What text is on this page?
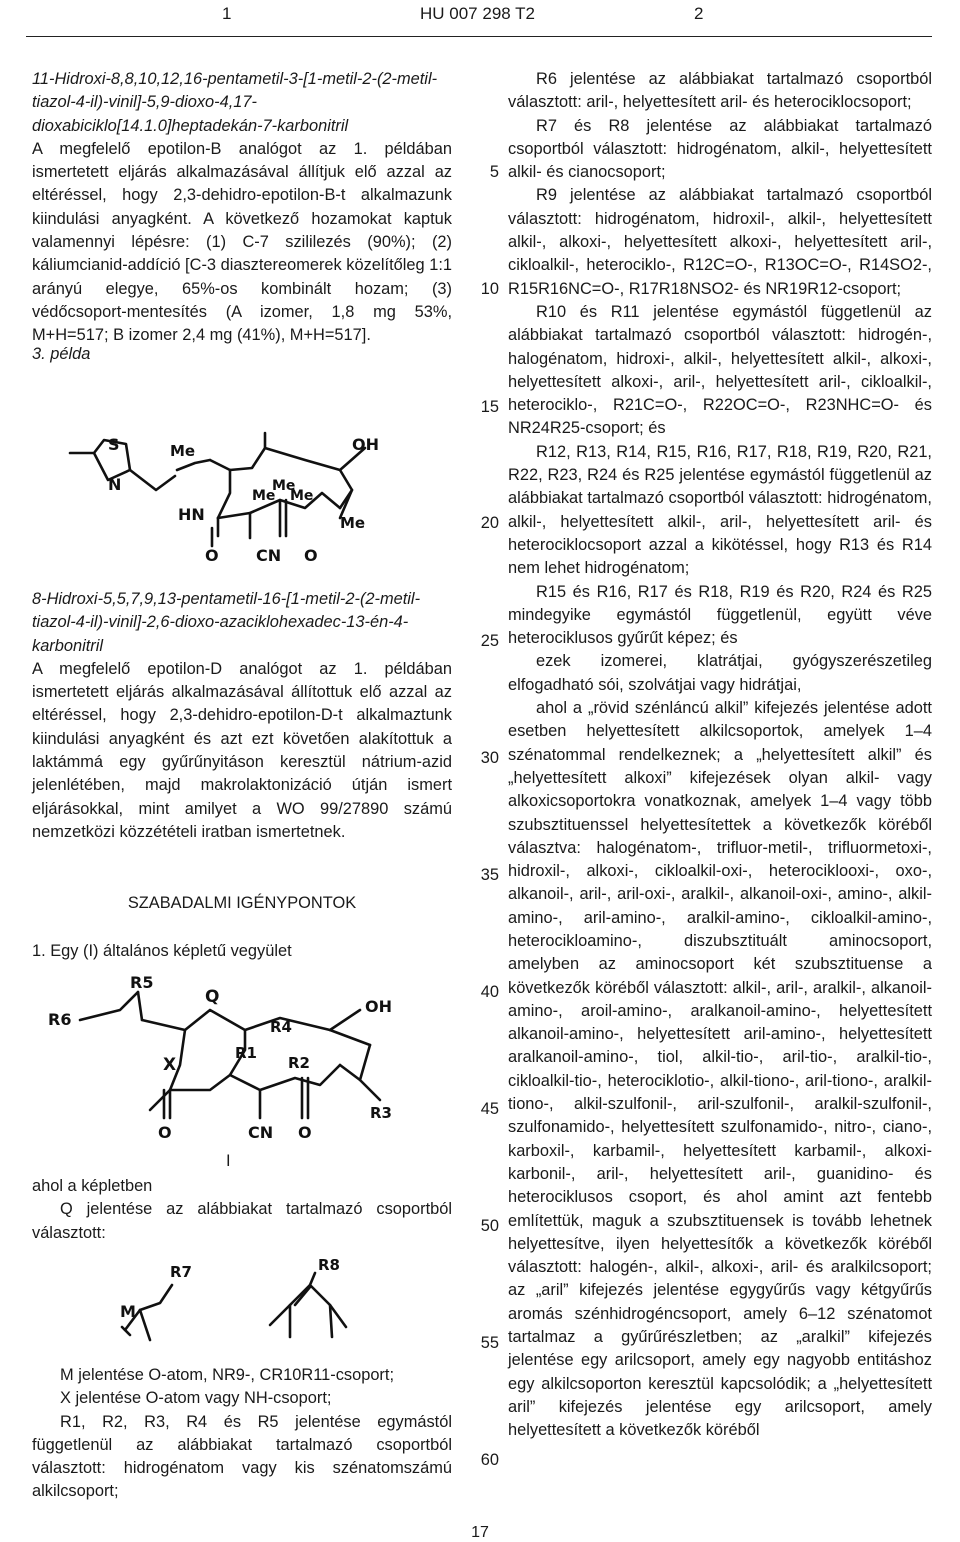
1	HU 007 298 T2	2
5
10
15
20
25
30
35
40
45
50
55
60

11-Hidroxi-8,8,10,12,16-pentametil-3-[1-metil-2-(2-metil-tiazol-4-il)-vinil]-5,9-dioxo-4,17-dioxabiciklo[14.1.0]heptadekán-7-karbonitril

A megfelelő epotilon-B analógot az 1. példában ismertetett eljárás alkalmazásával állítjuk elő azzal az eltéréssel, hogy 2,3-dehidro-epotilon-B-t alkalmazunk kiindulási anyagként. A következő hozamokat kaptuk valamennyi lépésre: (1) C-7 szililezés (90%); (2) káliumcianid-addíció [C-3 diasztereomerek közelítőleg 1:1 arányú elegye, 65%-os kombinált hozam; (3) védőcsoport-mentesítés (A izomer, 1,8 mg 53%, M+H=517; B izomer 2,4 mg (41%), M+H=517].

3. példa
S
N
Me
Me
Me Me
Me
OH
HN
O CN O

8-Hidroxi-5,5,7,9,13-pentametil-16-[1-metil-2-(2-metil-tiazol-4-il)-vinil]-2,6-dioxo-azaciklohexadec-13-én-4-karbonitril

A megfelelő epotilon-D analógot az 1. példában ismertetett eljárás alkalmazásával állítottuk elő azzal az eltéréssel, hogy 2,3-dehidro-epotilon-D-t alkalmaztunk kiindulási anyagként és azt ezt követően alakítottuk a laktámmá egy gyűrűnyitáson keresztül nátrium-azid jelenlétében, majd makrolaktonizáció útján ismert eljárásokkal, mint amilyet a WO 99/27890 számú nemzetközi közzétételi iratban ismertetnek.

SZABADALMI IGÉNYPONTOK
1. Egy (I) általános képletű vegyület
R5
R6
Q
R4
R1
R2
OH
X
R3
O	CN O
I

ahol a képletben

Q jelentése az alábbiakat tartalmazó csoportból választott:

M
R7	R8

M jelentése O-atom, NR9-, CR10R11-csoport;

X jelentése O-atom vagy NH-csoport;

R1, R2, R3, R4 és R5 jelentése egymástól függetlenül az alábbiakat tartalmazó csoportból választott: hidrogénatom vagy kis szénatomszámú alkilcsoport;

R6 jelentése az alábbiakat tartalmazó csoportból választott: aril-, helyettesített aril- és heterociklocsoport;

R7 és R8 jelentése az alábbiakat tartalmazó csoportból választott: hidrogénatom, alkil-, helyettesített alkil- és cianocsoport;

R9 jelentése az alábbiakat tartalmazó csoportból választott: hidrogénatom, hidroxil-, alkil-, helyettesített alkil-, alkoxi-, helyettesített alkoxi-, helyettesített aril-, cikloalkil-, heterociklo-, R12C=O-, R13OC=O-, R14SO2-, R15R16NC=O-, R17R18NSO2- és NR19R12-csoport;

R10 és R11 jelentése egymástól függetlenül az alábbiakat tartalmazó csoportból választott: hidrogén-, halogénatom, hidroxi-, alkil-, helyettesített alkil-, alkoxi-, helyettesített alkoxi-, aril-, helyettesített aril-, cikloalkil-, heterociklo-, R21C=O-, R22OC=O-, R23NHC=O- és NR24R25-csoport; és

R12, R13, R14, R15, R16, R17, R18, R19, R20, R21, R22, R23, R24 és R25 jelentése egymástól függetlenül az alábbiakat tartalmazó csoportból választott: hidrogénatom, alkil-, helyettesített alkil-, aril-, helyettesített aril- és heterociklocsoport azzal a kikötéssel, hogy R13 és R14 nem lehet hidrogénatom;

R15 és R16, R17 és R18, R19 és R20, R24 és R25 mindegyike egymástól függetlenül, együtt véve heterociklusos gyűrűt képez; és

ezek izomerei, klatrátjai, gyógyszerészetileg elfogadható sói, szolvátjai vagy hidrátjai,

ahol a „rövid szénláncú alkil” kifejezés jelentése adott esetben helyettesített alkilcsoportok, amelyek 1–4 szénatommal rendelkeznek; a „helyettesített alkil” és „helyettesített alkoxi” kifejezések olyan alkil- vagy alkoxicsoportokra vonatkoznak, amelyek 1–4 vagy több szubsztituenssel helyettesítettek a következők köréből választva: halogénatom-, trifluor-metil-, trifluormetoxi-, hidroxil-, alkoxi-, cikloalkil-oxi-, heterociklooxi-, oxo-, alkanoil-, aril-, aril-oxi-, aralkil-, alkanoil-oxi-, amino-, alkil-amino-, aril-amino-, aralkil-amino-, cikloalkil-amino-, heterocikloamino-, diszubsztituált aminocsoport, amelyben az aminocsoport két szubsztituense a következők köréből választott: alkil-, aril-, aralkil-, alkanoil-amino-, aroil-amino-, aralkanoil-amino-, helyettesített alkanoil-amino-, helyettesített aril-amino-, helyettesített aralkanoil-amino-, tiol, alkil-tio-, aril-tio-, aralkil-tio-, cikloalkil-tio-, heterociklotio-, alkil-tiono-, aril-tiono-, aralkil-tiono-, alkil-szulfonil-, aril-szulfonil-, aralkil-szulfonil-, szulfonamido-, helyettesített szulfonamido-, nitro-, ciano-, karboxil-, karbamil-, helyettesített karbamil-, alkoxi-karbonil-, aril-, helyettesített aril-, guanidino- és heterociklusos csoport, és ahol amint azt fentebb említettük, maguk a szubsztituensek is tovább lehetnek helyettesítve, ilyen helyettesítők a következők köréből választott: halogén-, alkil-, alkoxi-, aril- és aralkilcsoport; az „aril” kifejezés jelentése egygyűrűs vagy kétgyűrűs aromás szénhidrogéncsoport, amely 6–12 szénatomot tartalmaz a gyűrűrészletben; az „aralkil” kifejezés jelentése egy arilcsoport, amely egy nagyobb entitáshoz egy alkilcsoporton keresztül kapcsolódik; a „helyettesített aril” kifejezés jelentése egy arilcsoport, amely helyettesített a következők köréből

17
